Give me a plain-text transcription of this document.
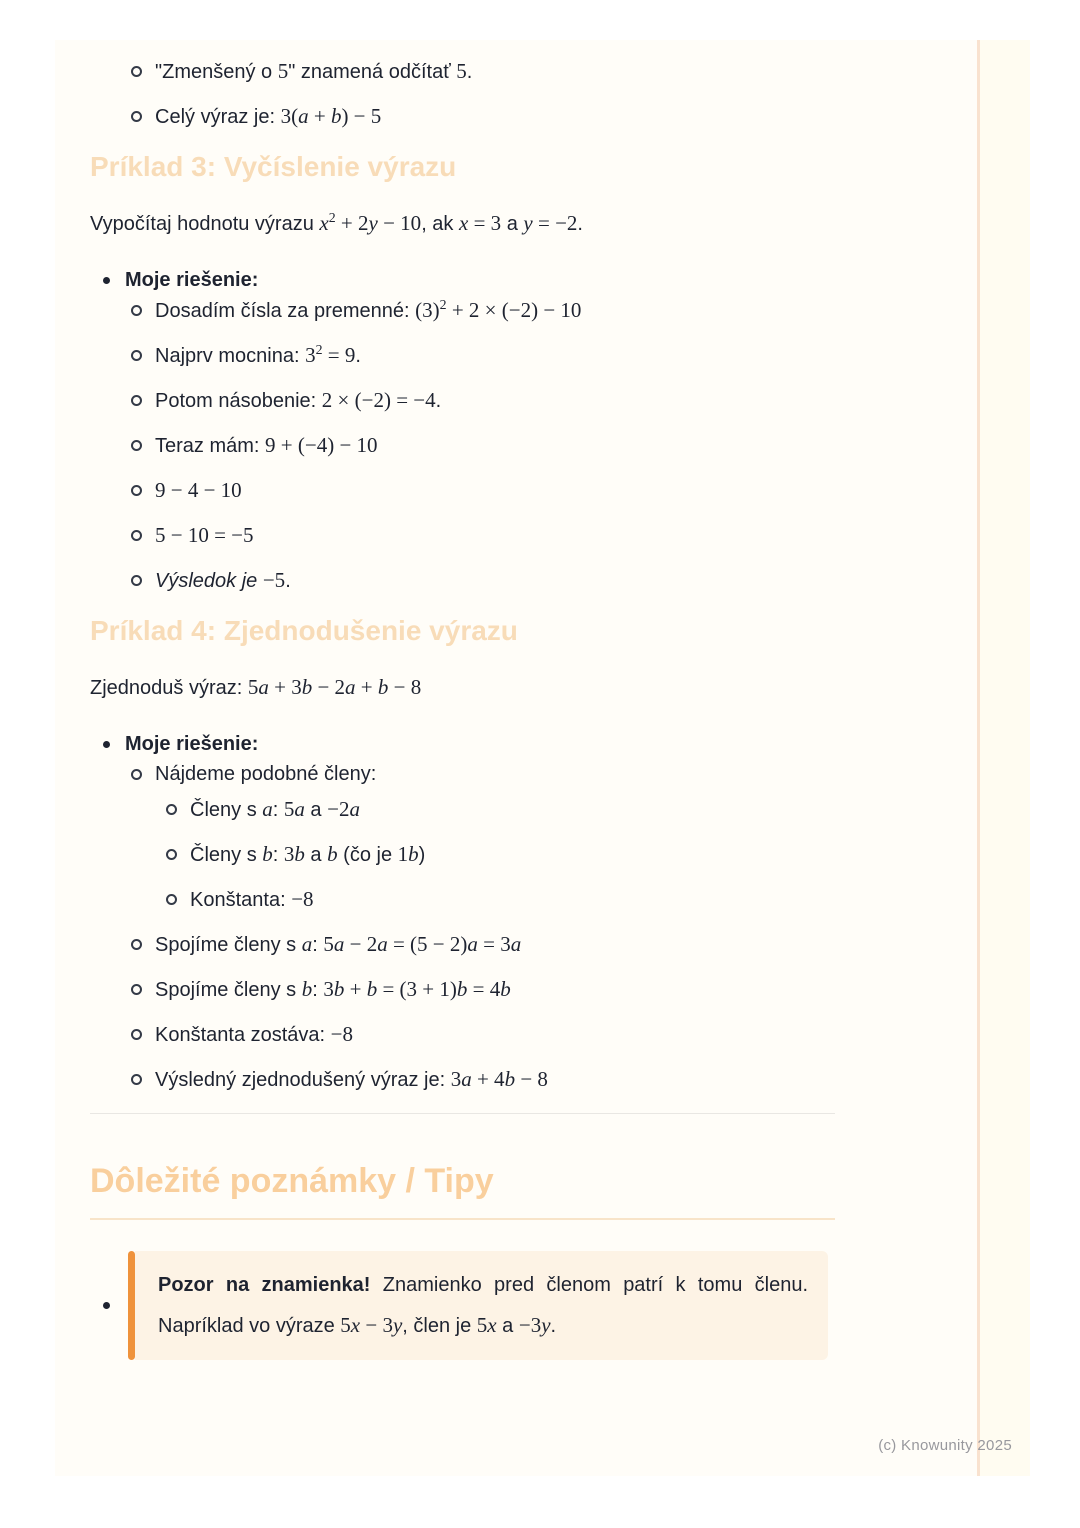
"Zmenšený o 5" znamená odčítať 5.
Celý výraz je: 3(a + b) − 5
Príklad 3: Vyčíslenie výrazu

Vypočítaj hodnotu výrazu $x^2 + 2y - 10$, ak x = 3 a y = −2.

Moje riešenie:
Dosadím čísla za premenné: $(3)^2 + 2 \times (-2) - 10$
Najprv mocnina: $3^2 = 9$.
Potom násobenie: 2 × (−2) = −4.
Teraz mám: 9 + (−4) − 10
9 − 4 − 10
5 − 10 = −5
Výsledok je −5.
Príklad 4: Zjednodušenie výrazu

Zjednoduš výraz: 5a + 3b − 2a + b − 8

Moje riešenie:
Nájdeme podobné členy:
Členy s a: 5a a −2a
Členy s b: 3b a b (čo je 1b)
Konštanta: −8
Spojíme členy s a: 5a − 2a = (5 − 2)a = 3a
Spojíme členy s b: 3b + b = (3 + 1)b = 4b
Konštanta zostáva: −8
Výsledný zjednodušený výraz je: 3a + 4b − 8
Dôležité poznámky / Tipy
Pozor na znamienka! Znamienko pred členom patrí k tomu členu. Napríklad vo výraze 5x − 3y, člen je 5x a −3y.
(c) Knowunity 2025
